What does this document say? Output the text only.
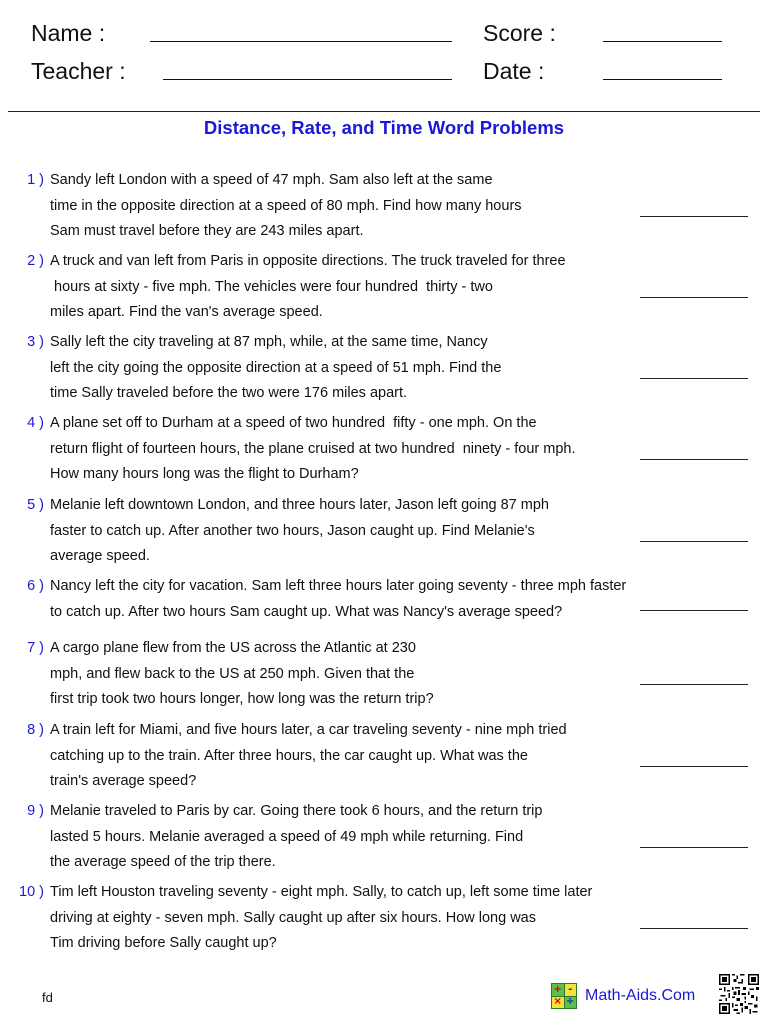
Name :	Score :
Teacher :	Date :
Distance, Rate, and Time Word Problems
1 ) Sandy left London with a speed of 47 mph. Sam also left at the same
time in the opposite direction at a speed of 80 mph. Find how many hours
Sam must travel before they are 243 miles apart.
2 ) A truck and van left from Paris in opposite directions. The truck traveled for three
hours at sixty - five mph. The vehicles were four hundred  thirty - two
miles apart. Find the van's average speed.
3 ) Sally left the city traveling at 87 mph, while, at the same time, Nancy
left the city going the opposite direction at a speed of 51 mph. Find the
time Sally traveled before the two were 176 miles apart.
4 ) A plane set off to Durham at a speed of two hundred  fifty - one mph. On the
return flight of fourteen hours, the plane cruised at two hundred  ninety - four mph.
How many hours long was the flight to Durham?
5 ) Melanie left downtown London, and three hours later, Jason left going 87 mph
faster to catch up. After another two hours, Jason caught up. Find Melanie's
average speed.
6 ) Nancy left the city for vacation. Sam left three hours later going seventy - three mph faster
to catch up. After two hours Sam caught up. What was Nancy's average speed?
7 ) A cargo plane flew from the US across the Atlantic at 230
mph, and flew back to the US at 250 mph. Given that the
first trip took two hours longer, how long was the return trip?
8 ) A train left for Miami, and five hours later, a car traveling seventy - nine mph tried
catching up to the train. After three hours, the car caught up. What was the
train's average speed?
9 ) Melanie traveled to Paris by car. Going there took 6 hours, and the return trip
lasted 5 hours. Melanie averaged a speed of 49 mph while returning. Find
the average speed of the trip there.
10 ) Tim left Houston traveling seventy - eight mph. Sally, to catch up, left some time later
driving at eighty - seven mph. Sally caught up after six hours. How long was
Tim driving before Sally caught up?
fd
+ -
× ÷ Math-Aids.Com
